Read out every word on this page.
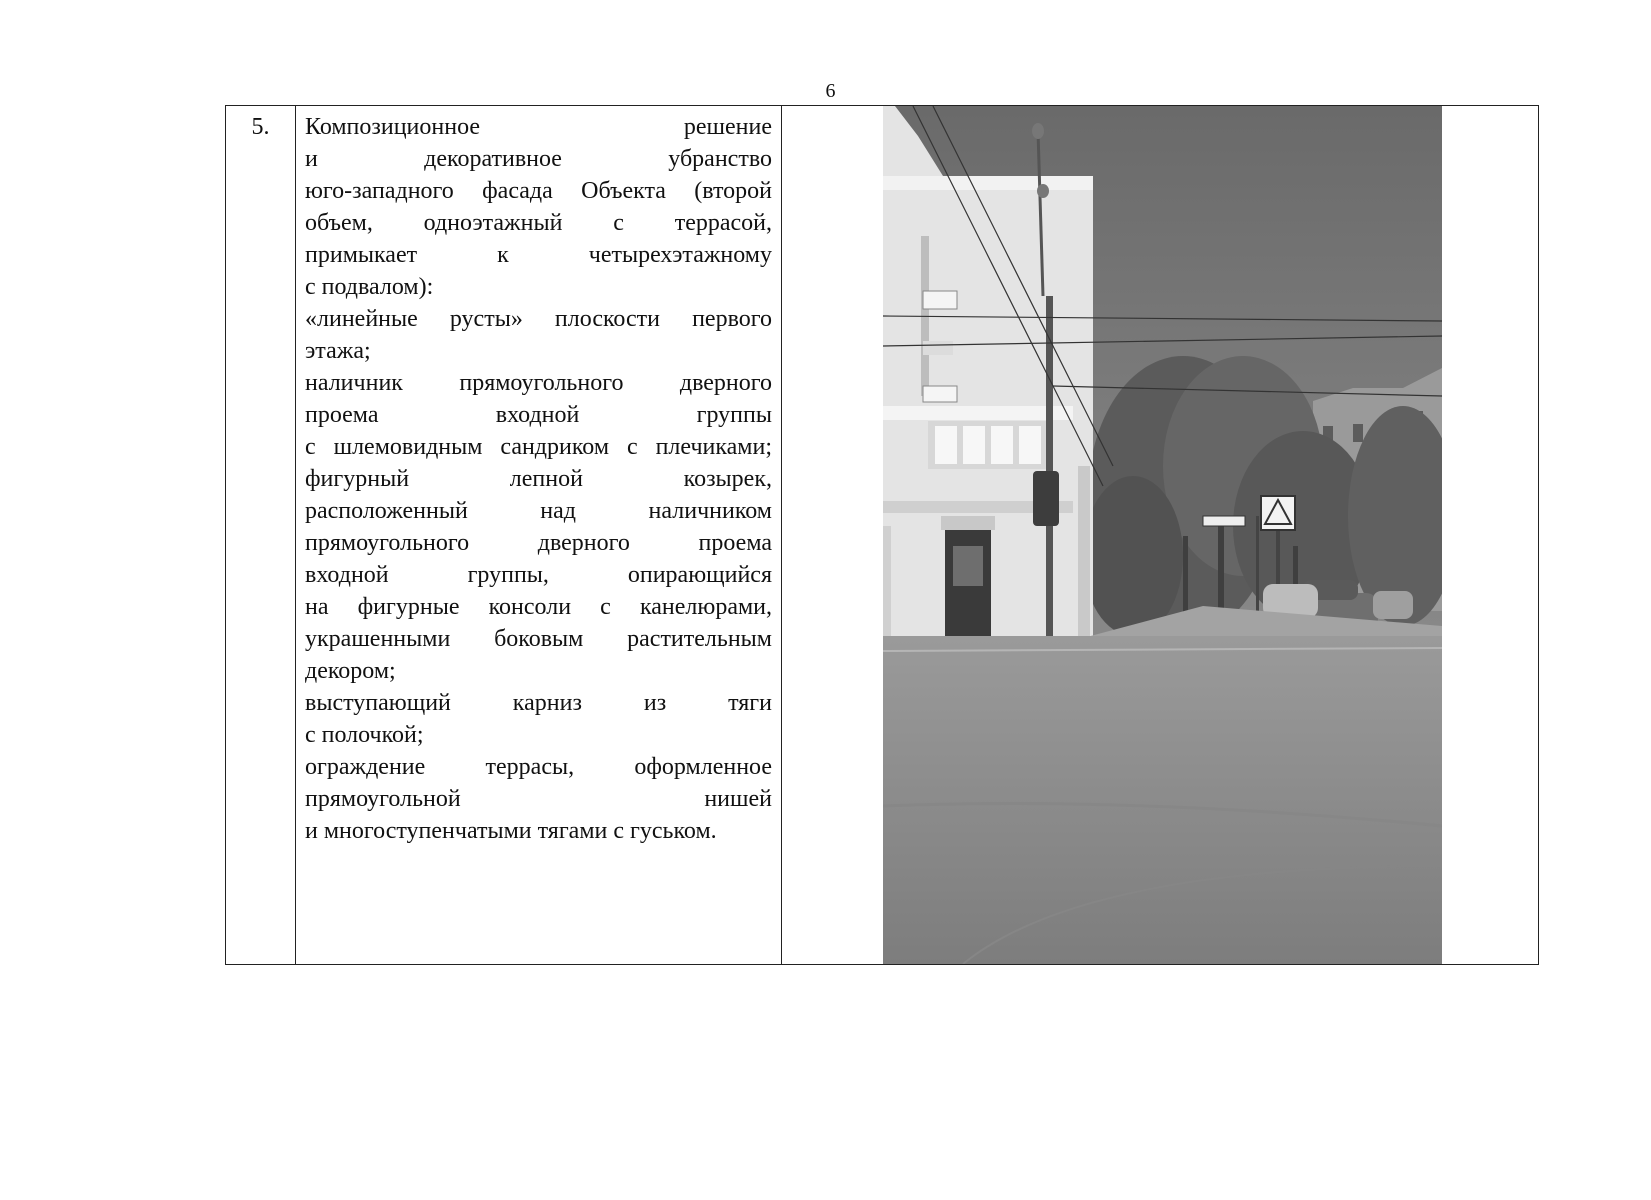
6
5.	Композиционное решение

и декоративное убранство

юго-западного фасада Объекта (второй

объем, одноэтажный с террасой,

примыкает к четырехэтажному

с подвалом):

«линейные русты» плоскости первого

этажа;

наличник прямоугольного дверного

проема входной группы

с шлемовидным сандриком с плечиками;

фигурный лепной козырек,

расположенный над наличником

прямоугольного дверного проема

входной группы, опирающийся

на фигурные консоли с канелюрами,

украшенными боковым растительным

декором;

выступающий карниз из тяги

с полочкой;

ограждение террасы, оформленное

прямоугольной нишей

и многоступенчатыми тягами с гуськом.
